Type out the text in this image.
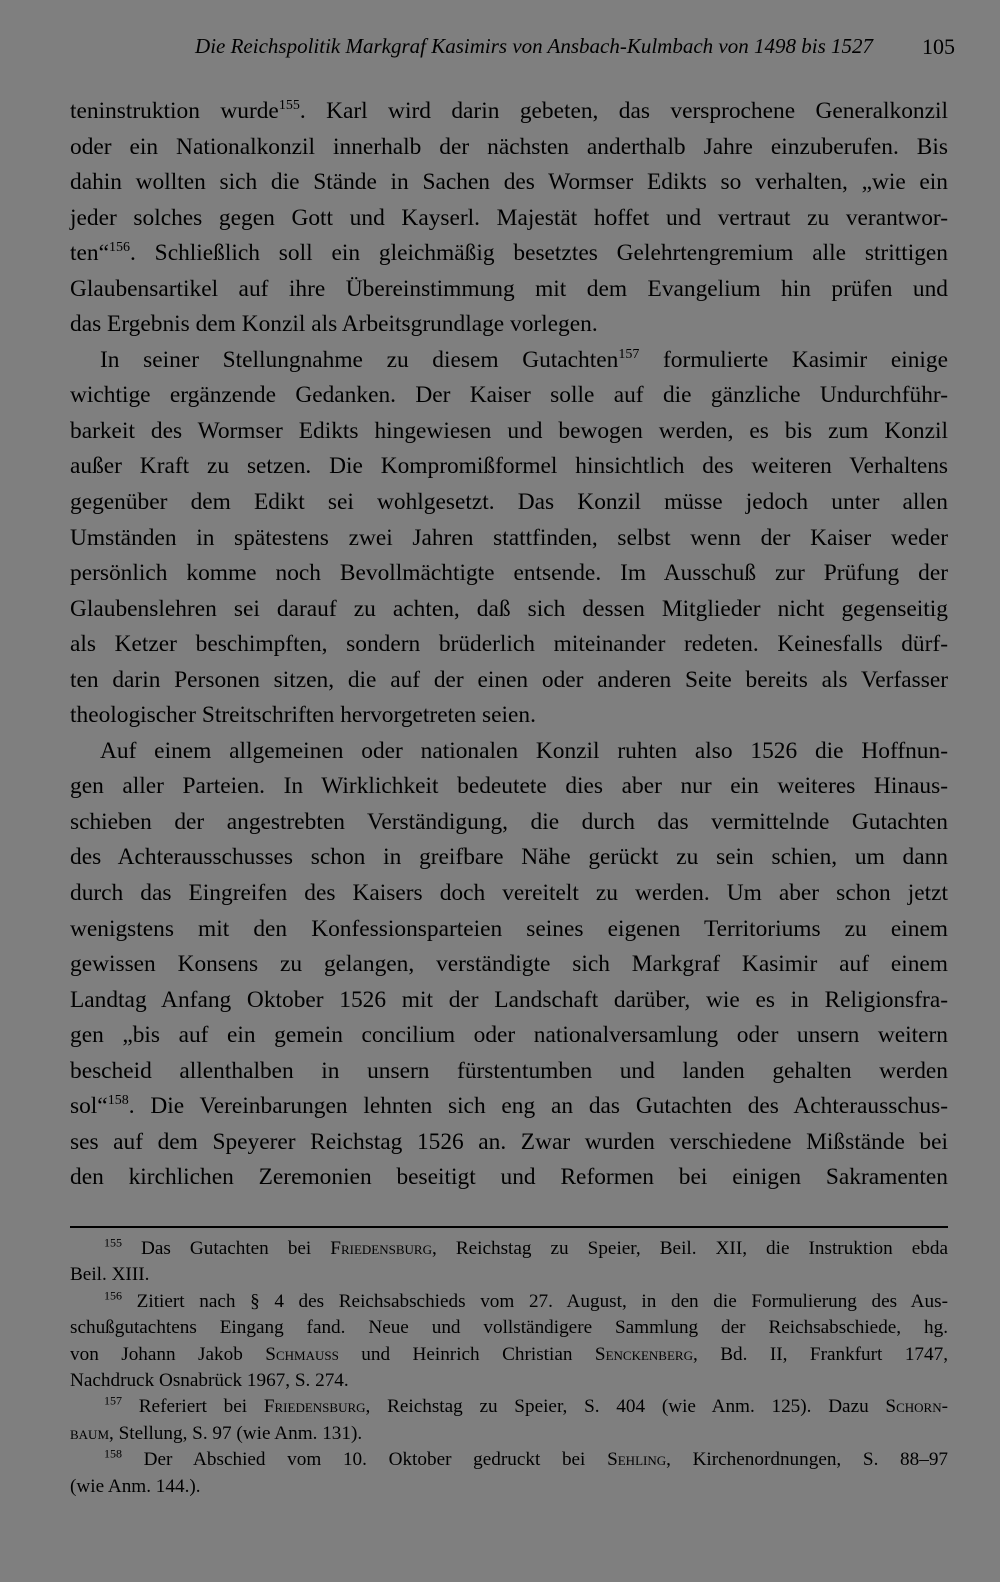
Die Reichspolitik Markgraf Kasimirs von Ansbach-Kulmbach von 1498 bis 1527 105
teninstruktion wurde$^{155}$. Karl wird darin gebeten, das versprochene Generalkonzil
oder ein Nationalkonzil innerhalb der nächsten anderthalb Jahre einzuberufen. Bis
dahin wollten sich die Stände in Sachen des Wormser Edikts so verhalten, „wie ein
jeder solches gegen Gott und Kayserl. Majestät hoffet und vertraut zu verantwor-
ten“$^{156}$. Schließlich soll ein gleichmäßig besetztes Gelehrtengremium alle strittigen
Glaubensartikel auf ihre Übereinstimmung mit dem Evangelium hin prüfen und
das Ergebnis dem Konzil als Arbeitsgrundlage vorlegen.
In seiner Stellungnahme zu diesem Gutachten$^{157}$ formulierte Kasimir einige
wichtige ergänzende Gedanken. Der Kaiser solle auf die gänzliche Undurchführ-
barkeit des Wormser Edikts hingewiesen und bewogen werden, es bis zum Konzil
außer Kraft zu setzen. Die Kompromißformel hinsichtlich des weiteren Verhaltens
gegenüber dem Edikt sei wohlgesetzt. Das Konzil müsse jedoch unter allen
Umständen in spätestens zwei Jahren stattfinden, selbst wenn der Kaiser weder
persönlich komme noch Bevollmächtigte entsende. Im Ausschuß zur Prüfung der
Glaubenslehren sei darauf zu achten, daß sich dessen Mitglieder nicht gegenseitig
als Ketzer beschimpften, sondern brüderlich miteinander redeten. Keinesfalls dürf-
ten darin Personen sitzen, die auf der einen oder anderen Seite bereits als Verfasser
theologischer Streitschriften hervorgetreten seien.
Auf einem allgemeinen oder nationalen Konzil ruhten also 1526 die Hoffnun-
gen aller Parteien. In Wirklichkeit bedeutete dies aber nur ein weiteres Hinaus-
schieben der angestrebten Verständigung, die durch das vermittelnde Gutachten
des Achterausschusses schon in greifbare Nähe gerückt zu sein schien, um dann
durch das Eingreifen des Kaisers doch vereitelt zu werden. Um aber schon jetzt
wenigstens mit den Konfessionsparteien seines eigenen Territoriums zu einem
gewissen Konsens zu gelangen, verständigte sich Markgraf Kasimir auf einem
Landtag Anfang Oktober 1526 mit der Landschaft darüber, wie es in Religionsfra-
gen „bis auf ein gemein concilium oder nationalversamlung oder unsern weitern
bescheid allenthalben in unsern fürstentumben und landen gehalten werden
sol“$^{158}$. Die Vereinbarungen lehnten sich eng an das Gutachten des Achterausschus-
ses auf dem Speyerer Reichstag 1526 an. Zwar wurden verschiedene Mißstände bei
den kirchlichen Zeremonien beseitigt und Reformen bei einigen Sakramenten
$^{155}$ Das Gutachten bei Friedensburg, Reichstag zu Speier, Beil. XII, die Instruktion ebda
Beil. XIII.
$^{156}$ Zitiert nach § 4 des Reichsabschieds vom 27. August, in den die Formulierung des Aus-
schußgutachtens Eingang fand. Neue und vollständigere Sammlung der Reichsabschiede, hg.
von Johann Jakob Schmauss und Heinrich Christian Senckenberg, Bd. II, Frankfurt 1747,
Nachdruck Osnabrück 1967, S. 274.
$^{157}$ Referiert bei Friedensburg, Reichstag zu Speier, S. 404 (wie Anm. 125). Dazu Schorn-
baum, Stellung, S. 97 (wie Anm. 131).
$^{158}$ Der Abschied vom 10. Oktober gedruckt bei Sehling, Kirchenordnungen, S. 88–97
(wie Anm. 144.).
